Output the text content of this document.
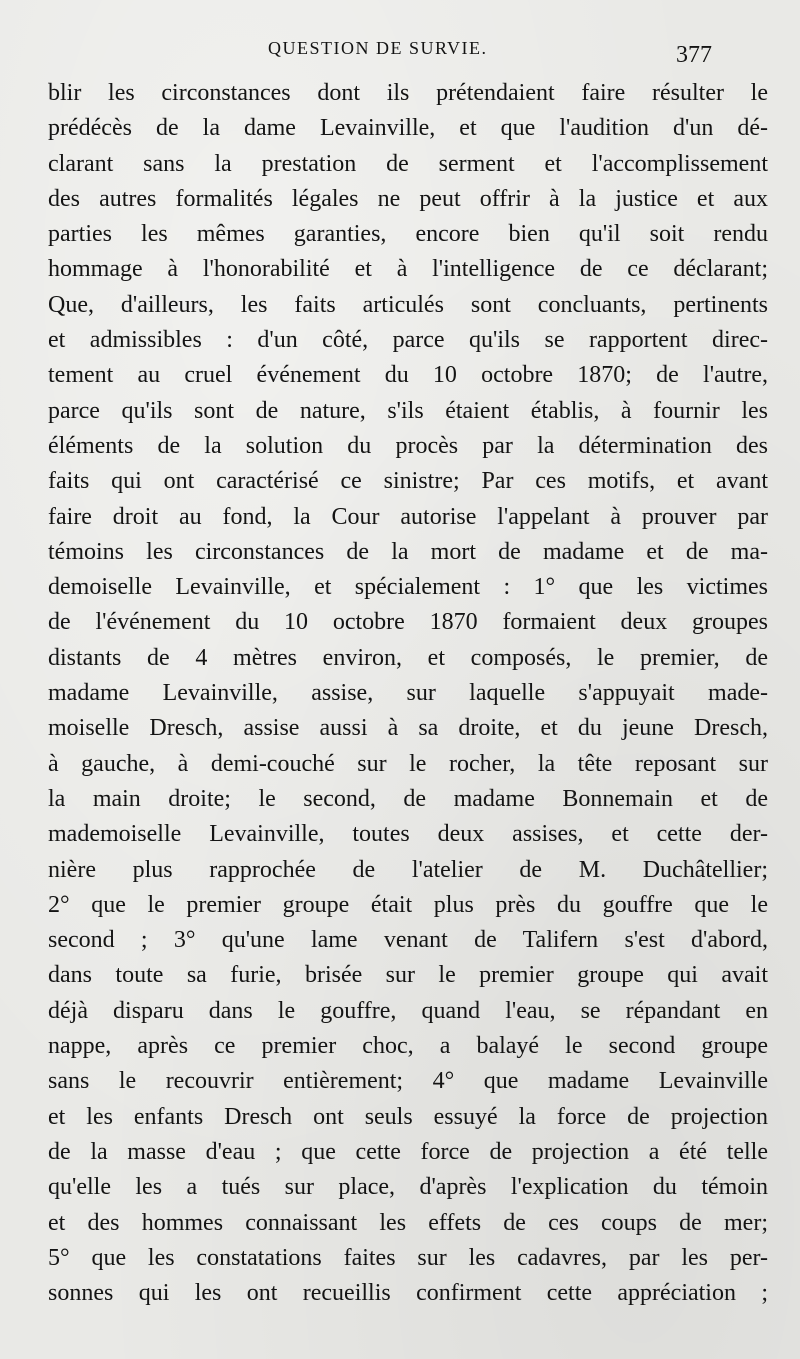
QUESTION DE SURVIE.	377
blir les circonstances dont ils prétendaient faire résulter le
prédécès de la dame Levainville, et que l'audition d'un dé-
clarant sans la prestation de serment et l'accomplissement
des autres formalités légales ne peut offrir à la justice et aux
parties les mêmes garanties, encore bien qu'il soit rendu
hommage à l'honorabilité et à l'intelligence de ce déclarant;
Que, d'ailleurs, les faits articulés sont concluants, pertinents
et admissibles : d'un côté, parce qu'ils se rapportent direc-
tement au cruel événement du 10 octobre 1870; de l'autre,
parce qu'ils sont de nature, s'ils étaient établis, à fournir les
éléments de la solution du procès par la détermination des
faits qui ont caractérisé ce sinistre; Par ces motifs, et avant
faire droit au fond, la Cour autorise l'appelant à prouver par
témoins les circonstances de la mort de madame et de ma-
demoiselle Levainville, et spécialement : 1° que les victimes
de l'événement du 10 octobre 1870 formaient deux groupes
distants de 4 mètres environ, et composés, le premier, de
madame Levainville, assise, sur laquelle s'appuyait made-
moiselle Dresch, assise aussi à sa droite, et du jeune Dresch,
à gauche, à demi-couché sur le rocher, la tête reposant sur
la main droite; le second, de madame Bonnemain et de
mademoiselle Levainville, toutes deux assises, et cette der-
nière plus rapprochée de l'atelier de M. Duchâtellier;
2° que le premier groupe était plus près du gouffre que le
second ; 3° qu'une lame venant de Talifern s'est d'abord,
dans toute sa furie, brisée sur le premier groupe qui avait
déjà disparu dans le gouffre, quand l'eau, se répandant en
nappe, après ce premier choc, a balayé le second groupe
sans le recouvrir entièrement; 4° que madame Levainville
et les enfants Dresch ont seuls essuyé la force de projection
de la masse d'eau ; que cette force de projection a été telle
qu'elle les a tués sur place, d'après l'explication du témoin
et des hommes connaissant les effets de ces coups de mer;
5° que les constatations faites sur les cadavres, par les per-
sonnes qui les ont recueillis confirment cette appréciation ;
